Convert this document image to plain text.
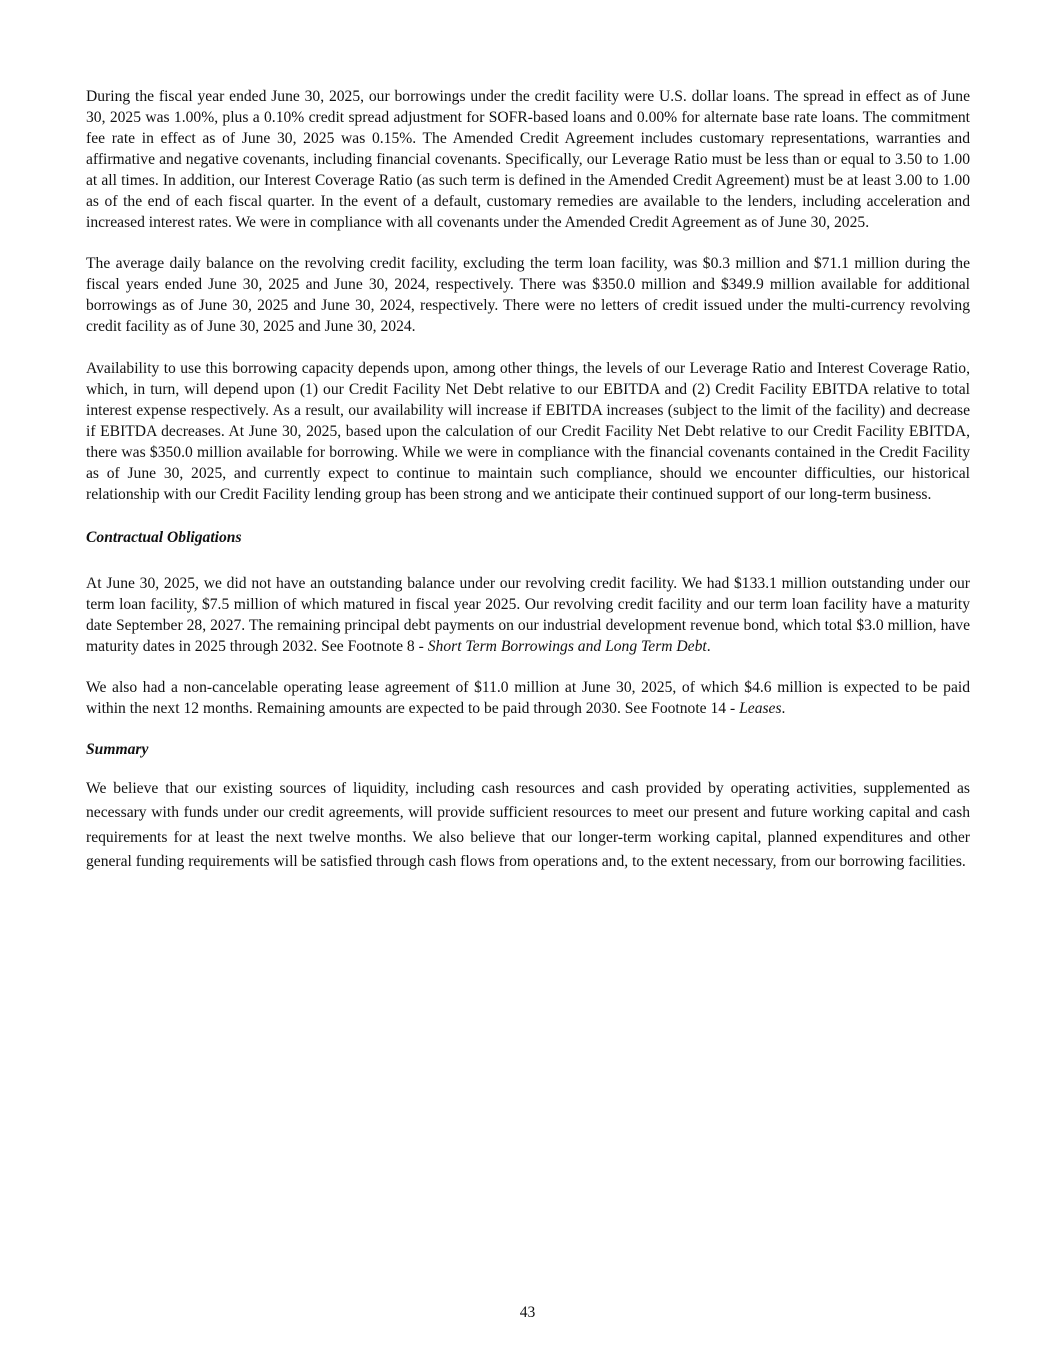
During the fiscal year ended June 30, 2025, our borrowings under the credit facility were U.S. dollar loans. The spread in effect as of June 30, 2025 was 1.00%, plus a 0.10% credit spread adjustment for SOFR-based loans and 0.00% for alternate base rate loans. The commitment fee rate in effect as of June 30, 2025 was 0.15%. The Amended Credit Agreement includes customary representations, warranties and affirmative and negative covenants, including financial covenants. Specifically, our Leverage Ratio must be less than or equal to 3.50 to 1.00 at all times. In addition, our Interest Coverage Ratio (as such term is defined in the Amended Credit Agreement) must be at least 3.00 to 1.00 as of the end of each fiscal quarter. In the event of a default, customary remedies are available to the lenders, including acceleration and increased interest rates. We were in compliance with all covenants under the Amended Credit Agreement as of June 30, 2025.

The average daily balance on the revolving credit facility, excluding the term loan facility, was $0.3 million and $71.1 million during the fiscal years ended June 30, 2025 and June 30, 2024, respectively. There was $350.0 million and $349.9 million available for additional borrowings as of June 30, 2025 and June 30, 2024, respectively. There were no letters of credit issued under the multi-currency revolving credit facility as of June 30, 2025 and June 30, 2024.

Availability to use this borrowing capacity depends upon, among other things, the levels of our Leverage Ratio and Interest Coverage Ratio, which, in turn, will depend upon (1) our Credit Facility Net Debt relative to our EBITDA and (2) Credit Facility EBITDA relative to total interest expense respectively. As a result, our availability will increase if EBITDA increases (subject to the limit of the facility) and decrease if EBITDA decreases. At June 30, 2025, based upon the calculation of our Credit Facility Net Debt relative to our Credit Facility EBITDA, there was $350.0 million available for borrowing. While we were in compliance with the financial covenants contained in the Credit Facility as of June 30, 2025, and currently expect to continue to maintain such compliance, should we encounter difficulties, our historical relationship with our Credit Facility lending group has been strong and we anticipate their continued support of our long-term business.

Contractual Obligations

At June 30, 2025, we did not have an outstanding balance under our revolving credit facility. We had $133.1 million outstanding under our term loan facility, $7.5 million of which matured in fiscal year 2025. Our revolving credit facility and our term loan facility have a maturity date September 28, 2027. The remaining principal debt payments on our industrial development revenue bond, which total $3.0 million, have maturity dates in 2025 through 2032. See Footnote 8 - Short Term Borrowings and Long Term Debt.

We also had a non-cancelable operating lease agreement of $11.0 million at June 30, 2025, of which $4.6 million is expected to be paid within the next 12 months. Remaining amounts are expected to be paid through 2030. See Footnote 14 - Leases.

Summary

We believe that our existing sources of liquidity, including cash resources and cash provided by operating activities, supplemented as necessary with funds under our credit agreements, will provide sufficient resources to meet our present and future working capital and cash requirements for at least the next twelve months. We also believe that our longer-term working capital, planned expenditures and other general funding requirements will be satisfied through cash flows from operations and, to the extent necessary, from our borrowing facilities.

43
